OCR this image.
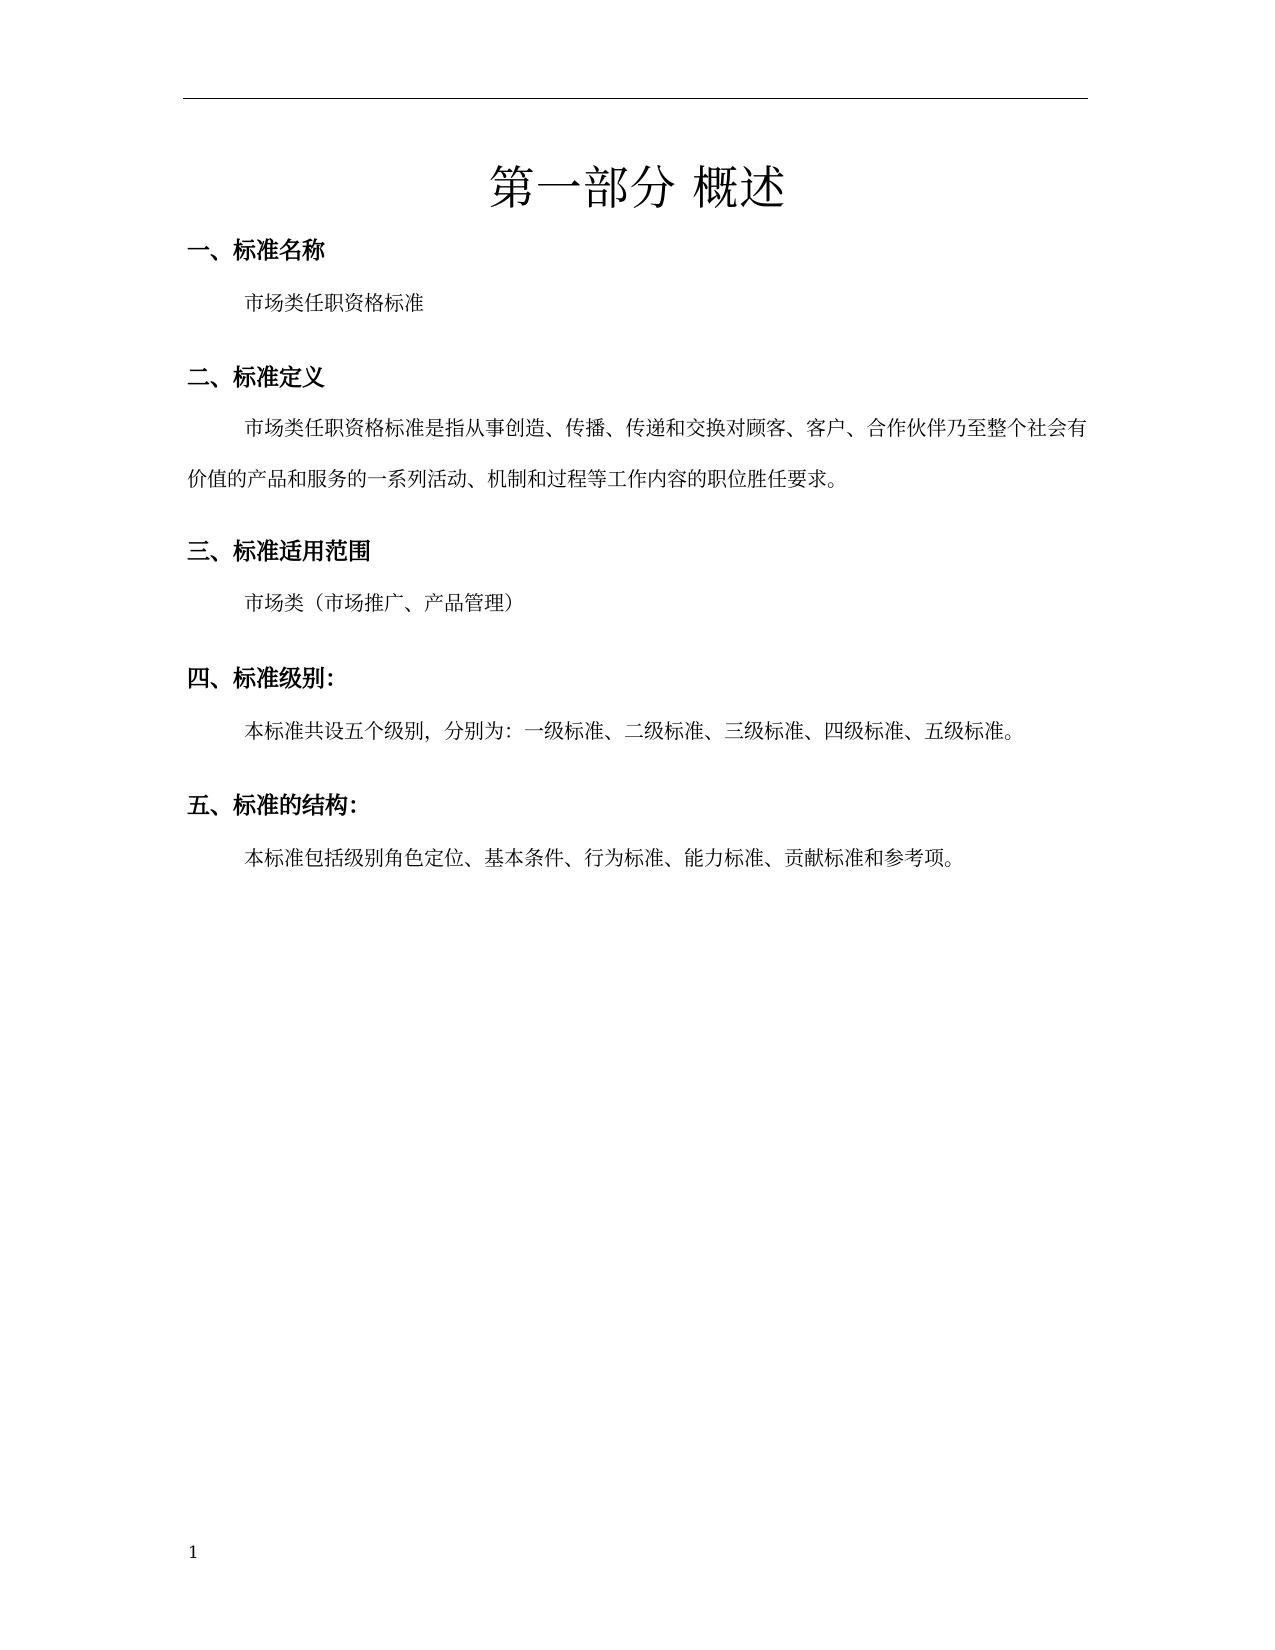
第一部分 概述
一、标准名称
市场类任职资格标准
二、标准定义
市场类任职资格标准是指从事创造、传播、传递和交换对顾客、客户、合作伙伴乃至整个社会有价值的产品和服务的一系列活动、机制和过程等工作内容的职位胜任要求。
三、标准适用范围
市场类（市场推广、产品管理）
四、标准级别：
本标准共设五个级别，分别为：一级标准、二级标准、三级标准、四级标准、五级标准。
五、标准的结构：
本标准包括级别角色定位、基本条件、行为标准、能力标准、贡献标准和参考项。
1
